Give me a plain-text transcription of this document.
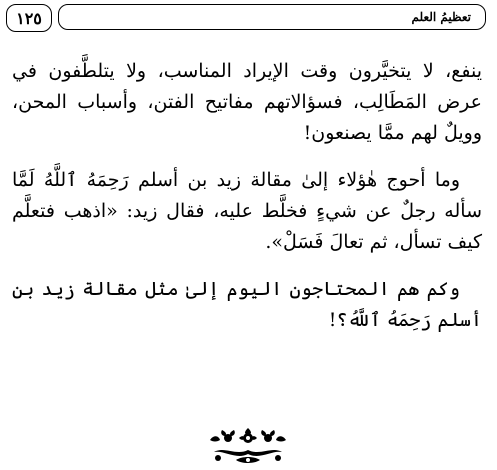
١٢٥	تعظيمُ العلم

ينفع، لا يتخيَّرون وقت الإيراد المناسب، ولا يتلطَّفون في عرض المَطَالِب، فسؤالاتهم مفاتيح الفتن، وأسباب المحن، وويلٌ لهم ممَّا يصنعون!

وما أحوج هٰؤلاء إلىٰ مقالة زيد بن أسلم رَحِمَهُ ٱللَّهُ لَمَّا سأله رجلٌ عن شيءٍ فخلَّط عليه، فقال زيد: «اذهب فتعلَّم كيف تسأل، ثم تعالَ فَسَلْ».

وكم هم المحتاجون اليوم إلىٰ مثل مقالة زيد بن أسلم رَحِمَهُ ٱللَّهُ؟!
